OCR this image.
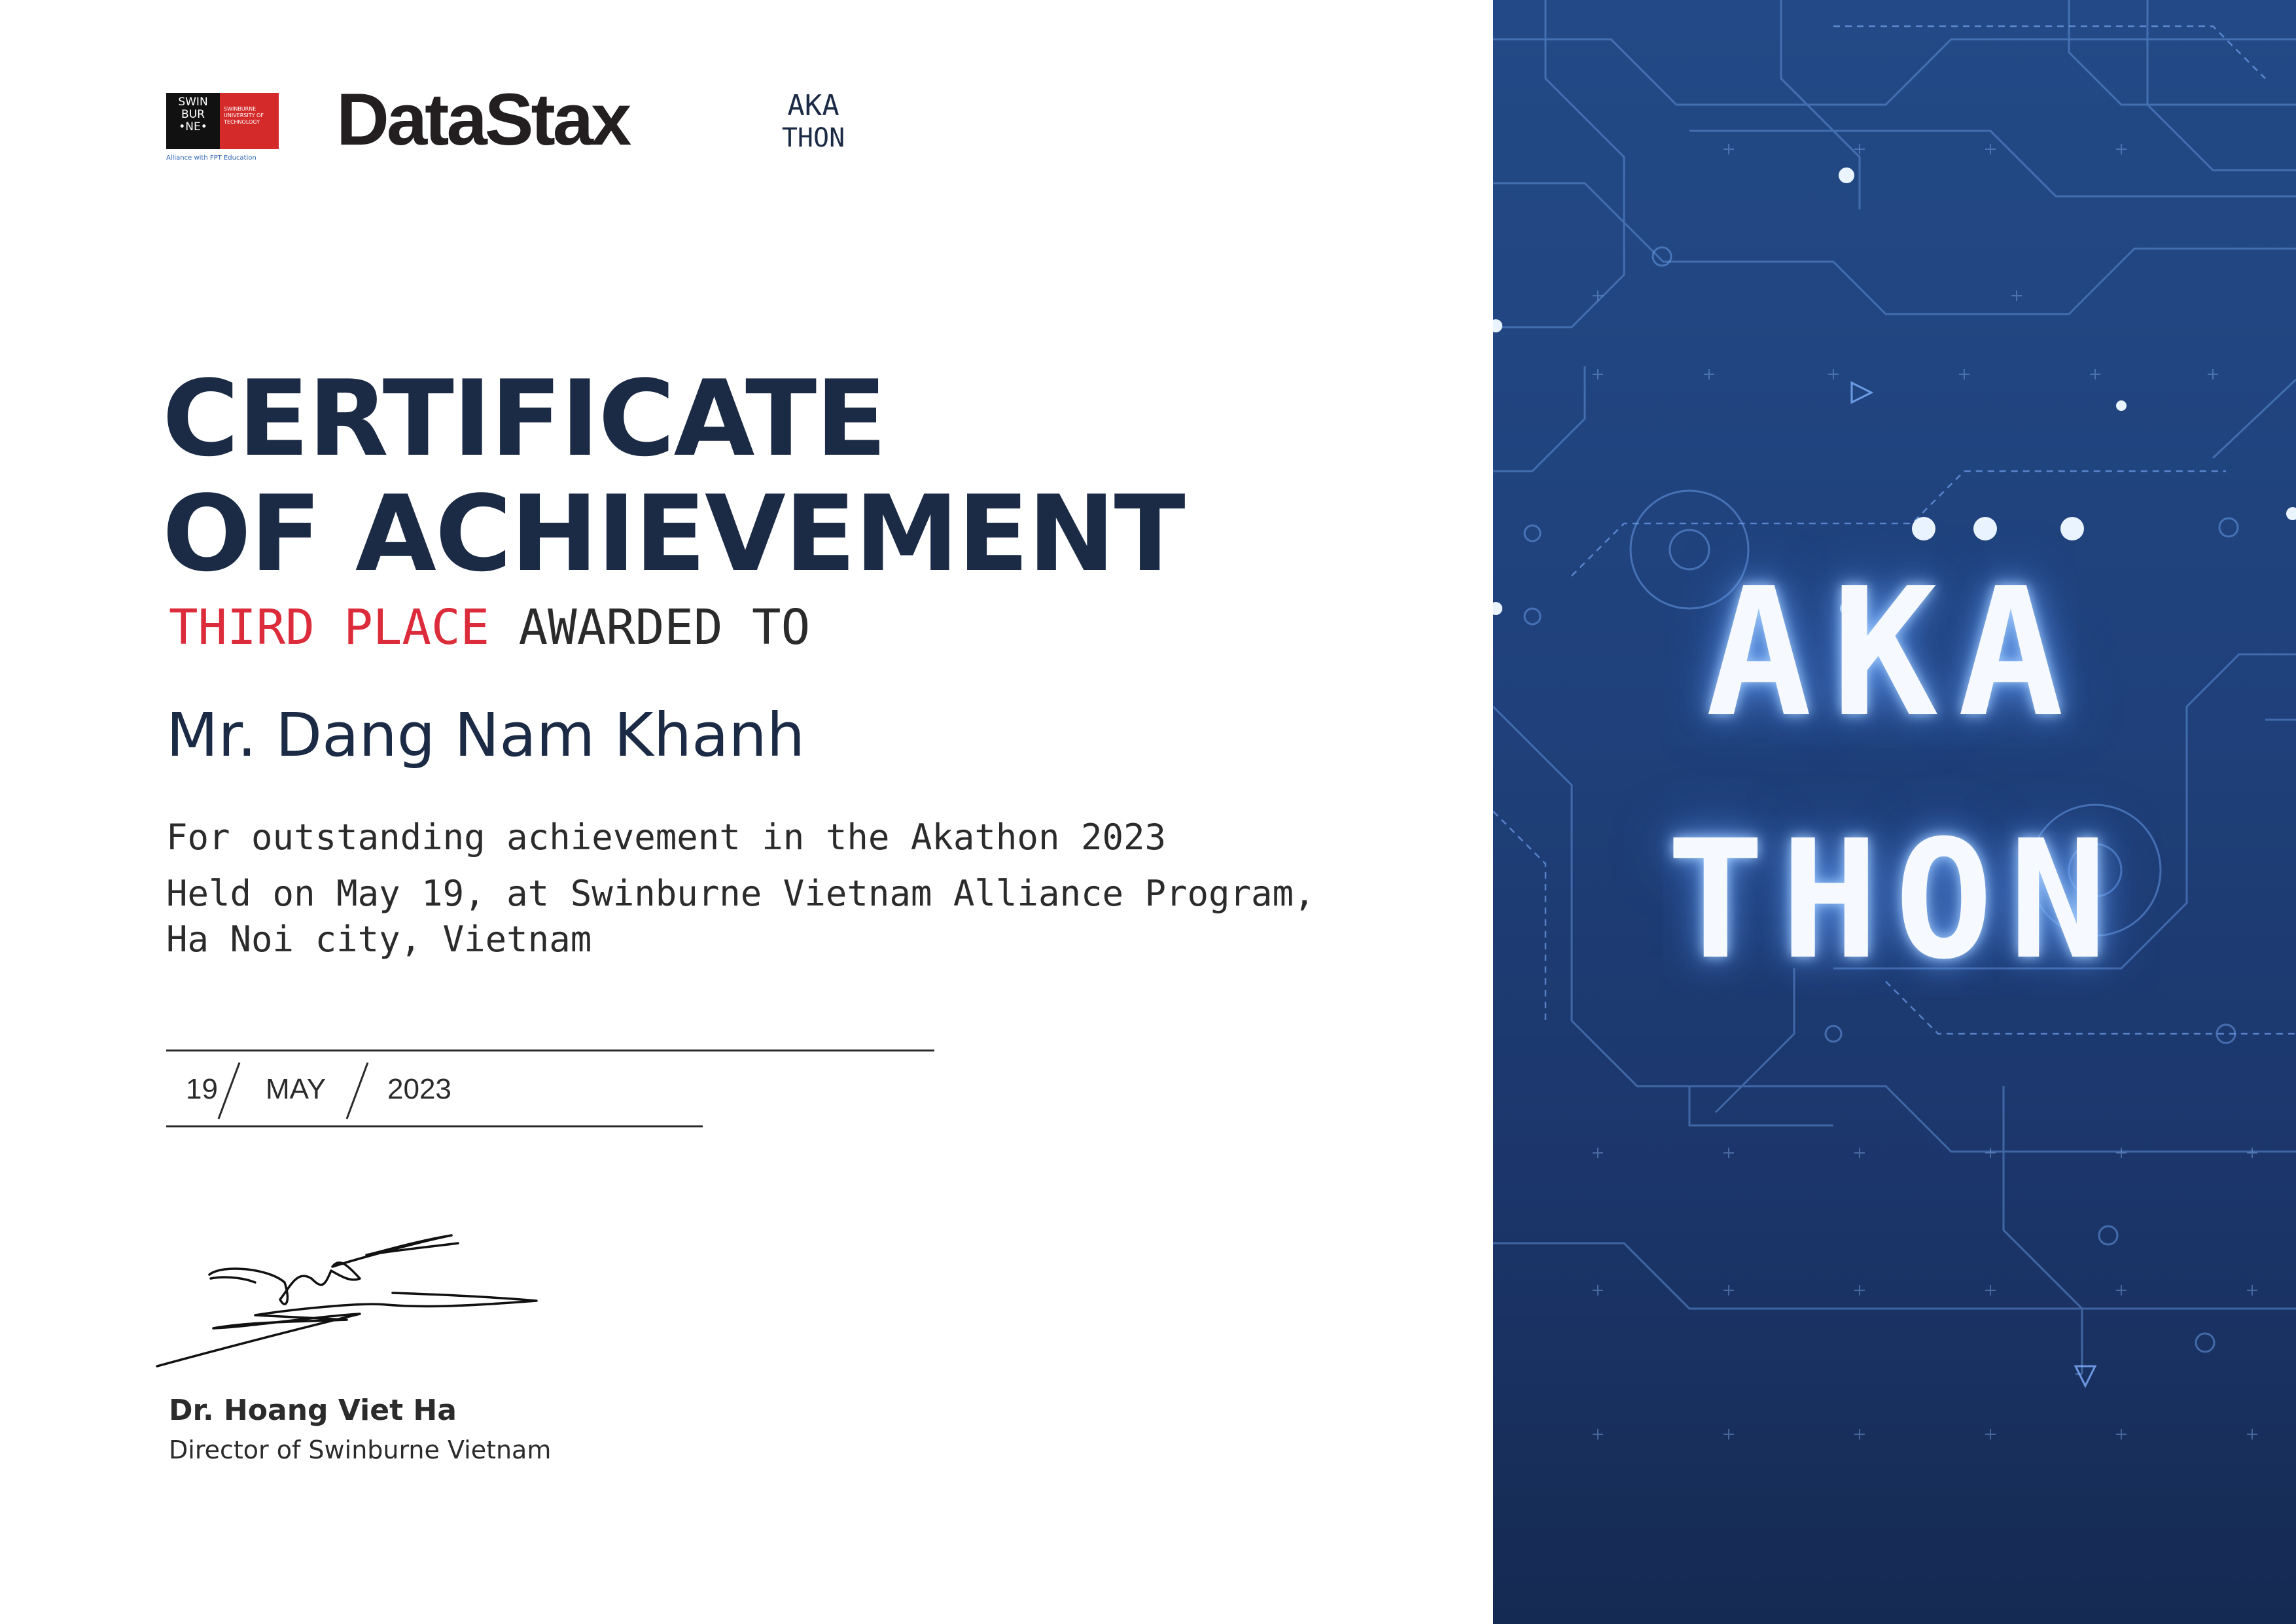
SWIN
BUR
•NE•
SWINBURNE UNIVERSITY OF TECHNOLOGY
Alliance with FPT Education	DataStax	AKA
THON
CERTIFICATE
OF ACHIEVEMENT
THIRD PLACE AWARDED TO
Mr. Dang Nam Khanh
For outstanding achievement in the Akathon 2023
Held on May 19, at Swinburne Vietnam Alliance Program,
Ha Noi city, Vietnam
19 MAY 2023
Dr. Hoang Viet Ha
Director of Swinburne Vietnam
AKA
THON
